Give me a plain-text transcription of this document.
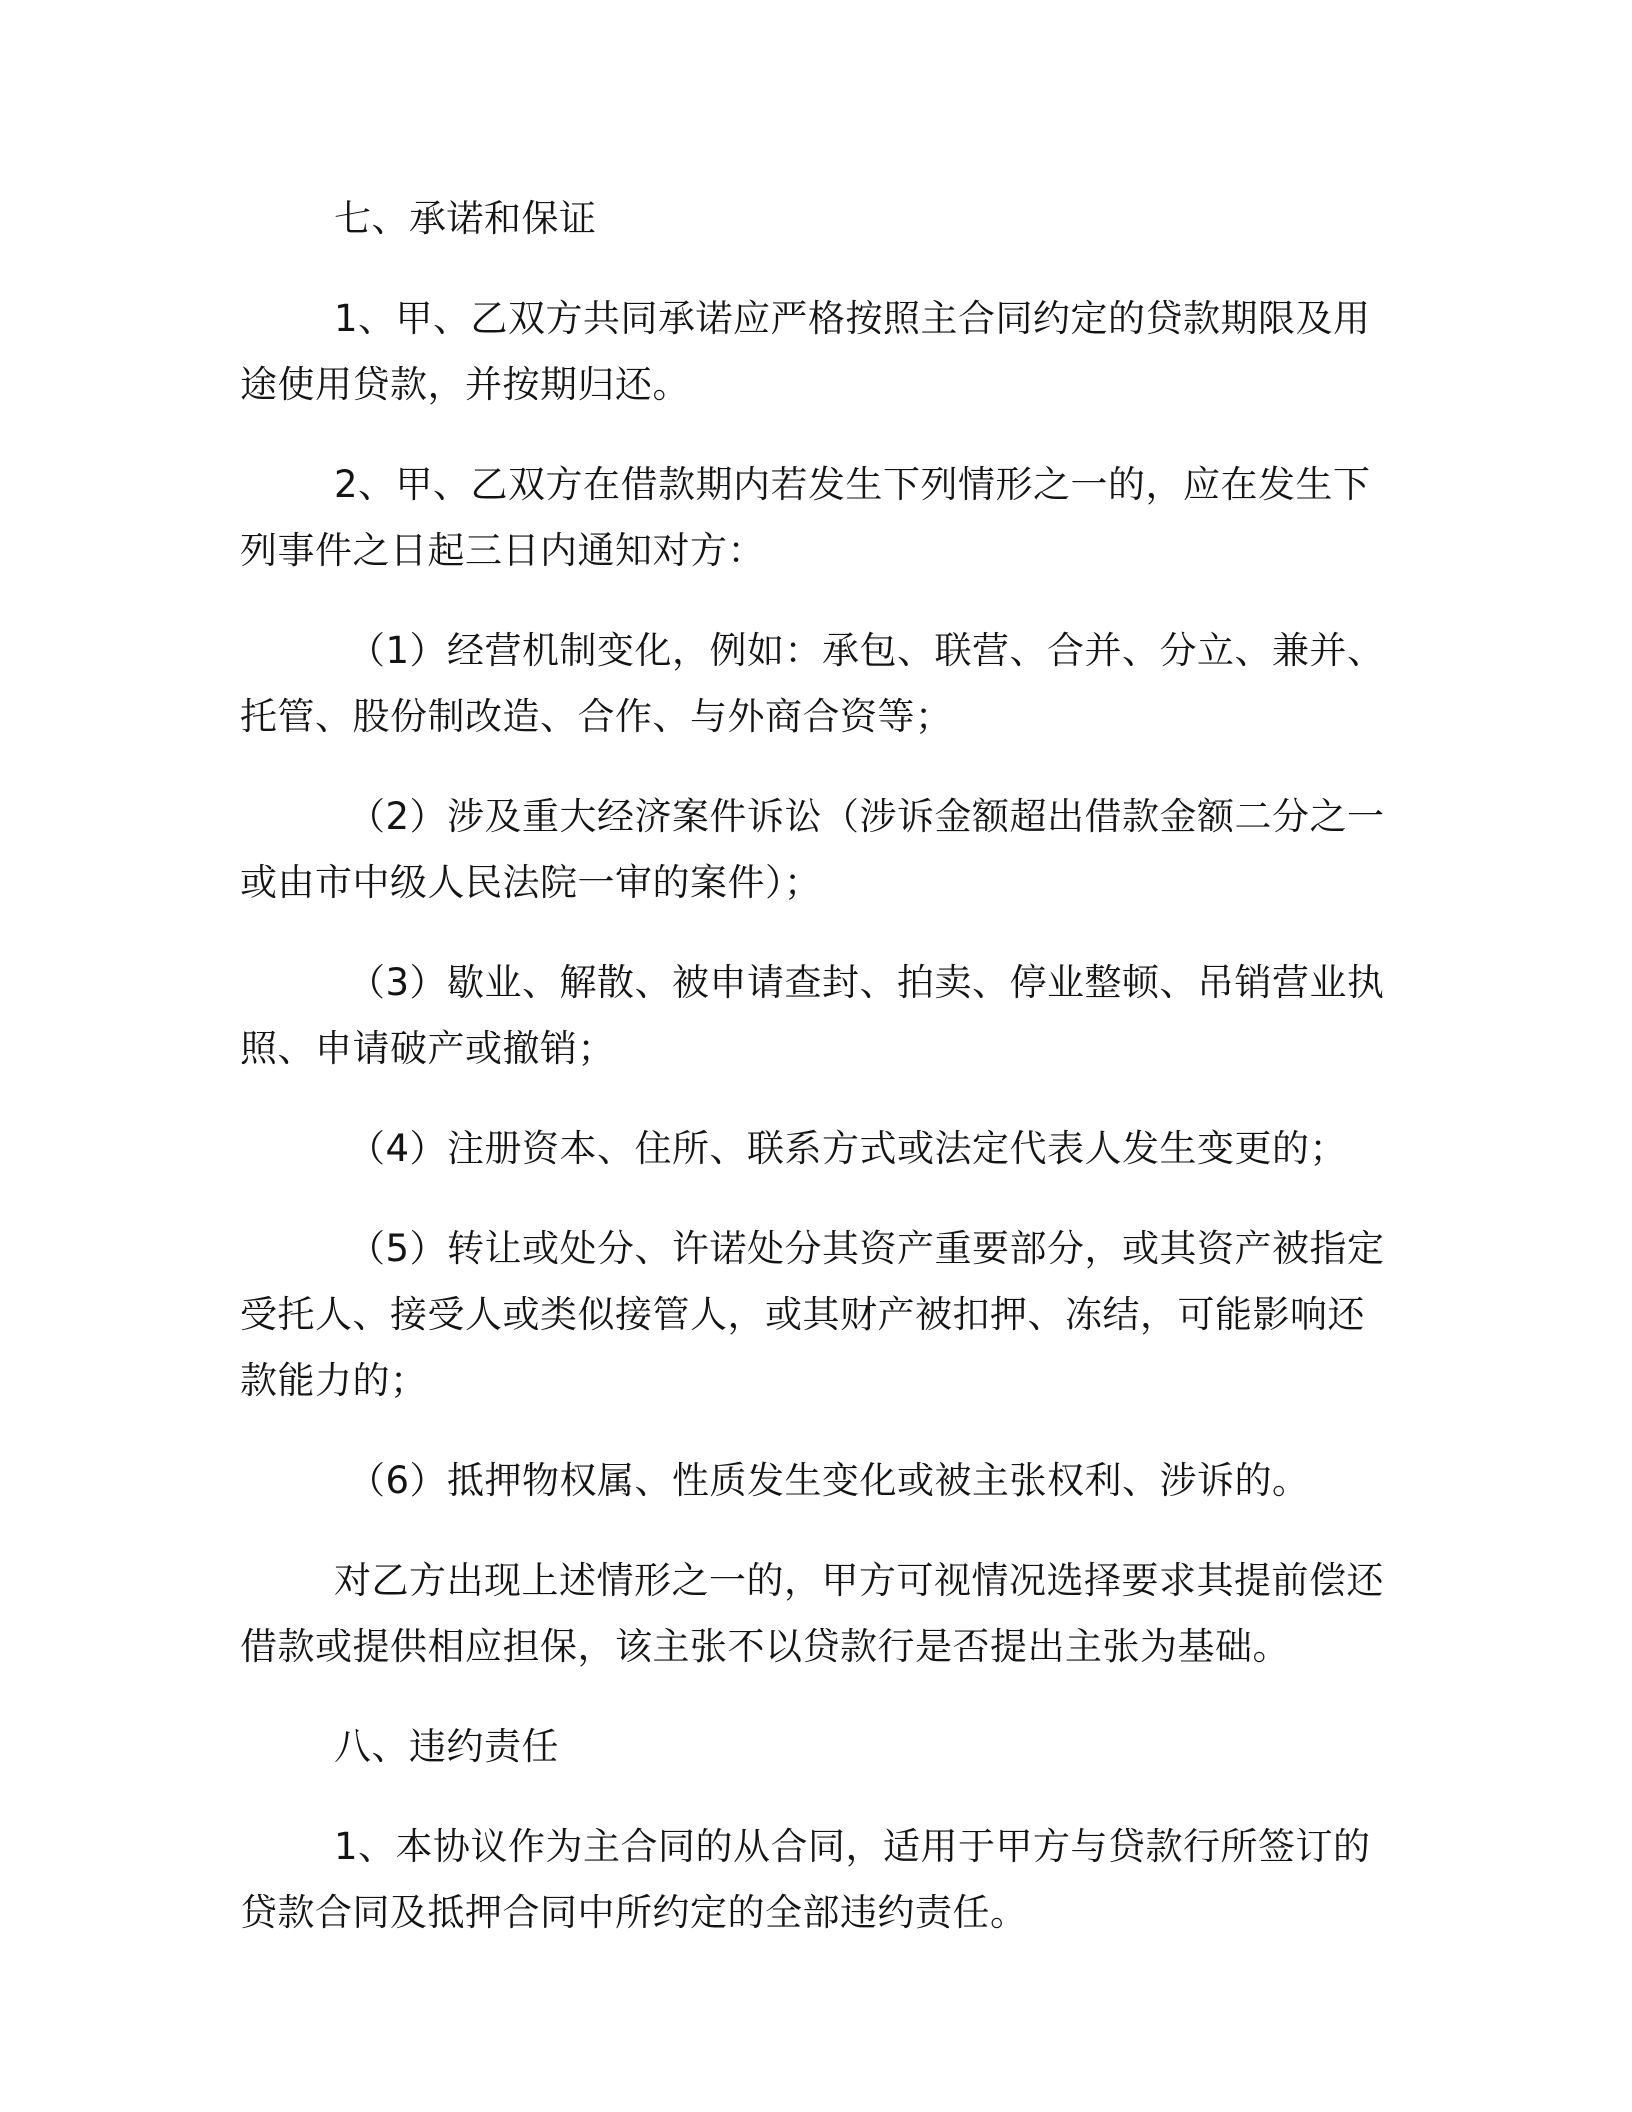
七、承诺和保证

1、甲、乙双方共同承诺应严格按照主合同约定的贷款期限及用途使用贷款，并按期归还。

2、甲、乙双方在借款期内若发生下列情形之一的，应在发生下列事件之日起三日内通知对方：

（1）经营机制变化，例如：承包、联营、合并、分立、兼并、托管、股份制改造、合作、与外商合资等；

（2）涉及重大经济案件诉讼（涉诉金额超出借款金额二分之一或由市中级人民法院一审的案件）；

（3）歇业、解散、被申请查封、拍卖、停业整顿、吊销营业执照、申请破产或撤销；

（4）注册资本、住所、联系方式或法定代表人发生变更的；

（5）转让或处分、许诺处分其资产重要部分，或其资产被指定受托人、接受人或类似接管人，或其财产被扣押、冻结，可能影响还款能力的；

（6）抵押物权属、性质发生变化或被主张权利、涉诉的。

对乙方出现上述情形之一的，甲方可视情况选择要求其提前偿还借款或提供相应担保，该主张不以贷款行是否提出主张为基础。

八、违约责任

1、本协议作为主合同的从合同，适用于甲方与贷款行所签订的贷款合同及抵押合同中所约定的全部违约责任。
